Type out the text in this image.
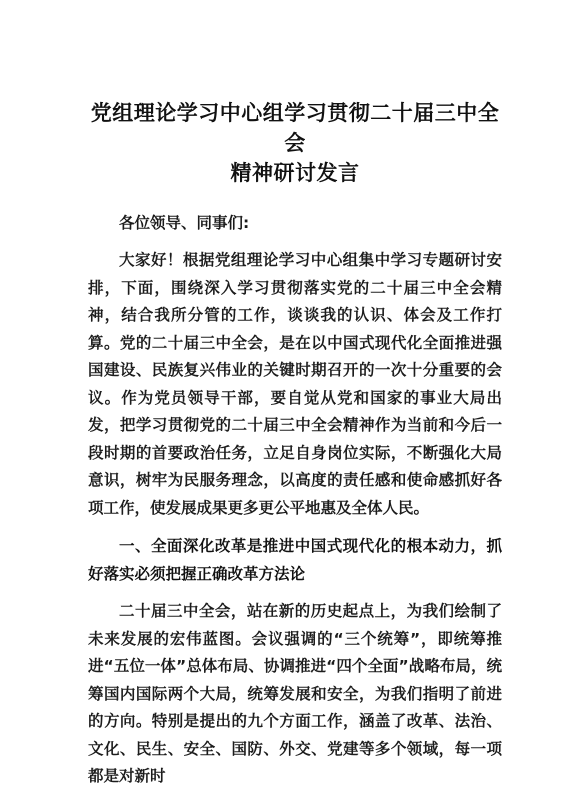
党组理论学习中心组学习贯彻二十届三中全会
精神研讨发言

各位领导、同事们:

大家好！根据党组理论学习中心组集中学习专题研讨安排，下面，围绕深入学习贯彻落实党的二十届三中全会精神，结合我所分管的工作，谈谈我的认识、体会及工作打算。党的二十届三中全会，是在以中国式现代化全面推进强国建设、民族复兴伟业的关键时期召开的一次十分重要的会议。作为党员领导干部，要自觉从党和国家的事业大局出发，把学习贯彻党的二十届三中全会精神作为当前和今后一段时期的首要政治任务，立足自身岗位实际，不断强化大局意识，树牢为民服务理念，以高度的责任感和使命感抓好各项工作，使发展成果更多更公平地惠及全体人民。

一、全面深化改革是推进中国式现代化的根本动力，抓好落实必须把握正确改革方法论

二十届三中全会，站在新的历史起点上，为我们绘制了未来发展的宏伟蓝图。会议强调的“三个统筹”，即统筹推进“五位一体”总体布局、协调推进“四个全面”战略布局，统筹国内国际两个大局，统筹发展和安全，为我们指明了前进的方向。特别是提出的九个方面工作，涵盖了改革、法治、文化、民生、安全、国防、外交、党建等多个领域，每一项都是对新时
